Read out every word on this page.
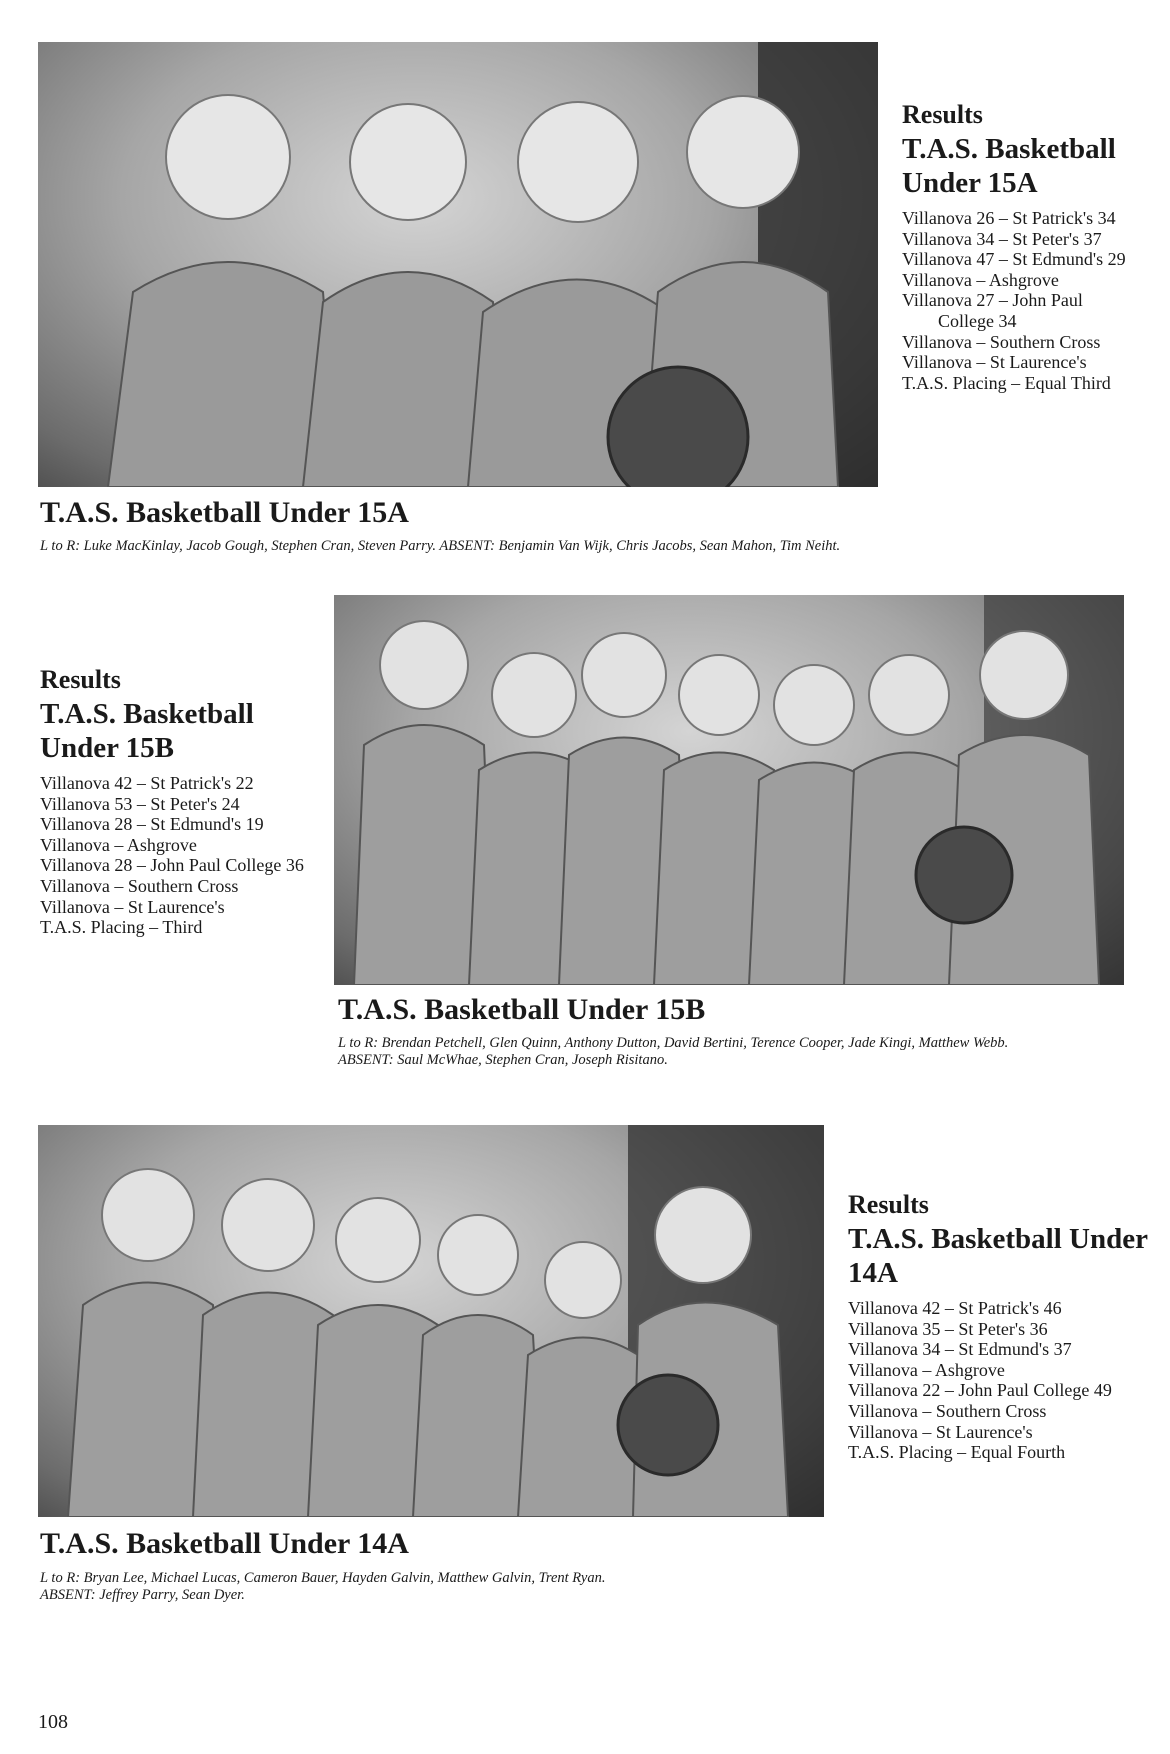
Results
T.A.S. Basketball Under 15A
Villanova 26 – St Patrick's 34
Villanova 34 – St Peter's 37
Villanova 47 – St Edmund's 29
Villanova – Ashgrove
Villanova 27 – John Paul College 34
Villanova – Southern Cross
Villanova – St Laurence's
T.A.S. Placing – Equal Third
T.A.S. Basketball Under 15A

L to R: Luke MacKinlay, Jacob Gough, Stephen Cran, Steven Parry. ABSENT: Benjamin Van Wijk, Chris Jacobs, Sean Mahon, Tim Neiht.

Results
T.A.S. Basketball Under 15B
Villanova 42 – St Patrick's 22
Villanova 53 – St Peter's 24
Villanova 28 – St Edmund's 19
Villanova – Ashgrove
Villanova 28 – John Paul College 36
Villanova – Southern Cross
Villanova – St Laurence's
T.A.S. Placing – Third
T.A.S. Basketball Under 15B

L to R: Brendan Petchell, Glen Quinn, Anthony Dutton, David Bertini, Terence Cooper, Jade Kingi, Matthew Webb.
ABSENT: Saul McWhae, Stephen Cran, Joseph Risitano.

Results
T.A.S. Basketball Under 14A
Villanova 42 – St Patrick's 46
Villanova 35 – St Peter's 36
Villanova 34 – St Edmund's 37
Villanova – Ashgrove
Villanova 22 – John Paul College 49
Villanova – Southern Cross
Villanova – St Laurence's
T.A.S. Placing – Equal Fourth
T.A.S. Basketball Under 14A

L to R: Bryan Lee, Michael Lucas, Cameron Bauer, Hayden Galvin, Matthew Galvin, Trent Ryan.
ABSENT: Jeffrey Parry, Sean Dyer.

108
